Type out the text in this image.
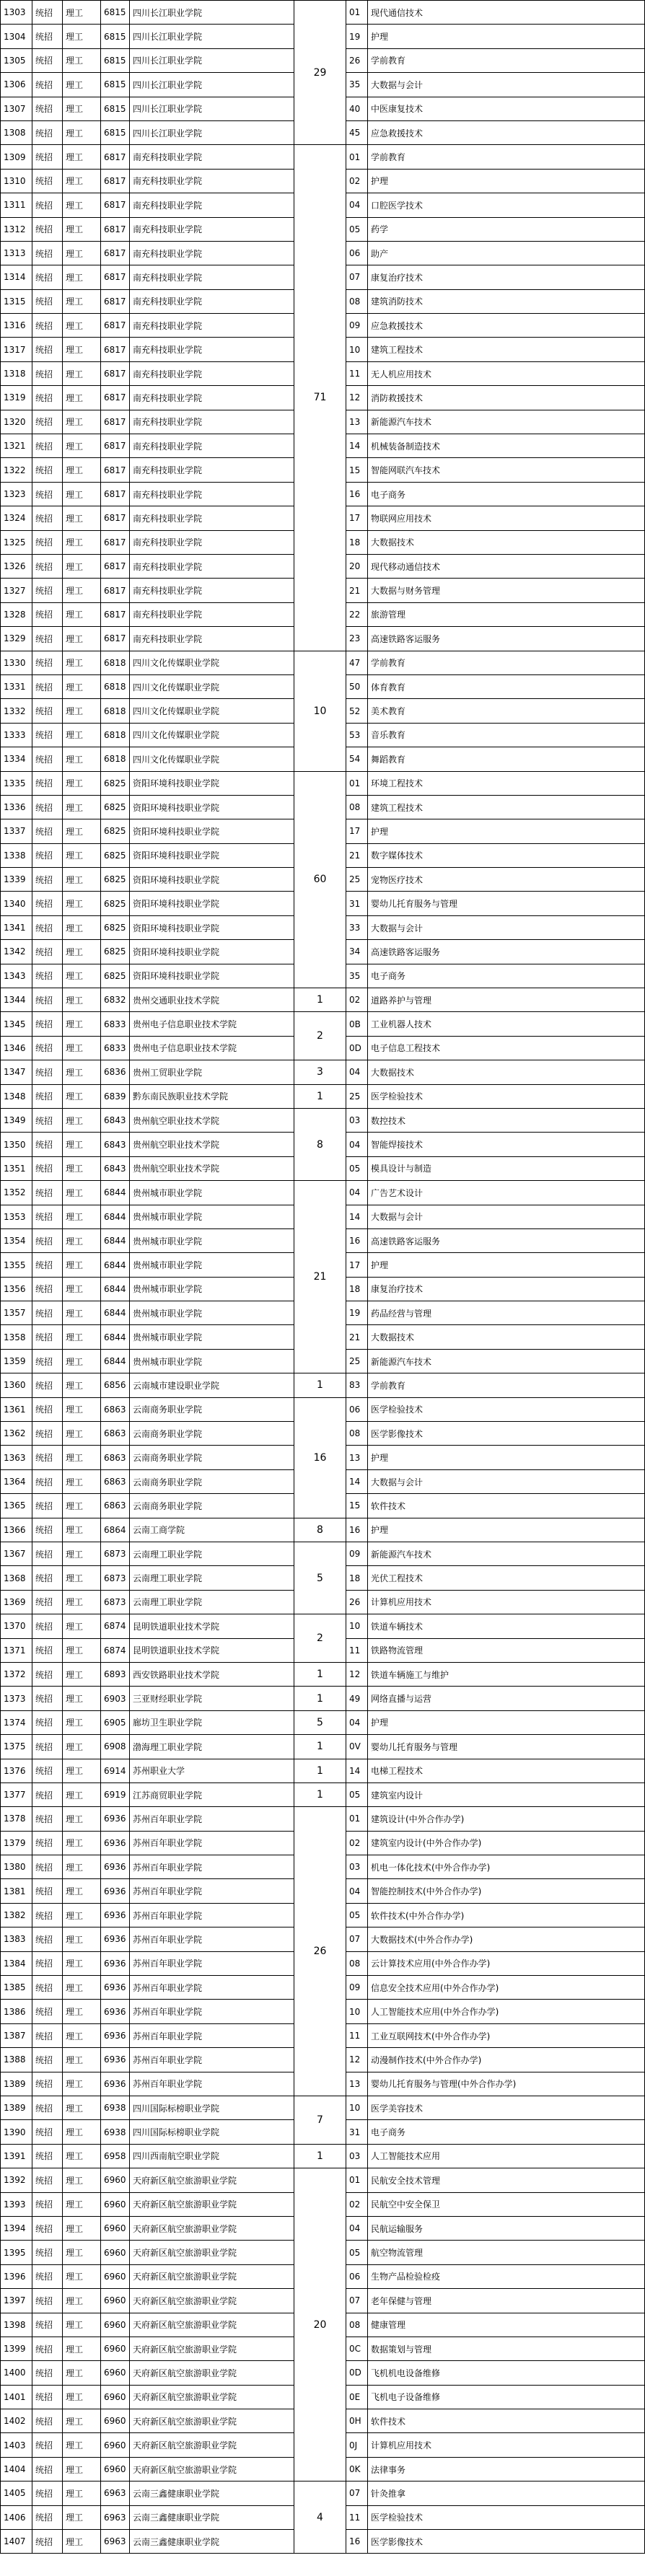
1303	统招	理工	6815	四川长江职业学院	29	01	现代通信技术
1304	统招	理工	6815	四川长江职业学院		19	护理
1305	统招	理工	6815	四川长江职业学院		26	学前教育
1306	统招	理工	6815	四川长江职业学院		35	大数据与会计
1307	统招	理工	6815	四川长江职业学院		40	中医康复技术
1308	统招	理工	6815	四川长江职业学院		45	应急救援技术
1309	统招	理工	6817	南充科技职业学院	71	01	学前教育
1310	统招	理工	6817	南充科技职业学院		02	护理
1311	统招	理工	6817	南充科技职业学院		04	口腔医学技术
1312	统招	理工	6817	南充科技职业学院		05	药学
1313	统招	理工	6817	南充科技职业学院		06	助产
1314	统招	理工	6817	南充科技职业学院		07	康复治疗技术
1315	统招	理工	6817	南充科技职业学院		08	建筑消防技术
1316	统招	理工	6817	南充科技职业学院		09	应急救援技术
1317	统招	理工	6817	南充科技职业学院		10	建筑工程技术
1318	统招	理工	6817	南充科技职业学院		11	无人机应用技术
1319	统招	理工	6817	南充科技职业学院		12	消防救援技术
1320	统招	理工	6817	南充科技职业学院		13	新能源汽车技术
1321	统招	理工	6817	南充科技职业学院		14	机械装备制造技术
1322	统招	理工	6817	南充科技职业学院		15	智能网联汽车技术
1323	统招	理工	6817	南充科技职业学院		16	电子商务
1324	统招	理工	6817	南充科技职业学院		17	物联网应用技术
1325	统招	理工	6817	南充科技职业学院		18	大数据技术
1326	统招	理工	6817	南充科技职业学院		20	现代移动通信技术
1327	统招	理工	6817	南充科技职业学院		21	大数据与财务管理
1328	统招	理工	6817	南充科技职业学院		22	旅游管理
1329	统招	理工	6817	南充科技职业学院		23	高速铁路客运服务
1330	统招	理工	6818	四川文化传媒职业学院	10	47	学前教育
1331	统招	理工	6818	四川文化传媒职业学院		50	体育教育
1332	统招	理工	6818	四川文化传媒职业学院		52	美术教育
1333	统招	理工	6818	四川文化传媒职业学院		53	音乐教育
1334	统招	理工	6818	四川文化传媒职业学院		54	舞蹈教育
1335	统招	理工	6825	资阳环境科技职业学院	60	01	环境工程技术
1336	统招	理工	6825	资阳环境科技职业学院		08	建筑工程技术
1337	统招	理工	6825	资阳环境科技职业学院		17	护理
1338	统招	理工	6825	资阳环境科技职业学院		21	数字媒体技术
1339	统招	理工	6825	资阳环境科技职业学院		25	宠物医疗技术
1340	统招	理工	6825	资阳环境科技职业学院		31	婴幼儿托育服务与管理
1341	统招	理工	6825	资阳环境科技职业学院		33	大数据与会计
1342	统招	理工	6825	资阳环境科技职业学院		34	高速铁路客运服务
1343	统招	理工	6825	资阳环境科技职业学院		35	电子商务
1344	统招	理工	6832	贵州交通职业技术学院	1	02	道路养护与管理
1345	统招	理工	6833	贵州电子信息职业技术学院	2	0B	工业机器人技术
1346	统招	理工	6833	贵州电子信息职业技术学院		0D	电子信息工程技术
1347	统招	理工	6836	贵州工贸职业学院	3	04	大数据技术
1348	统招	理工	6839	黔东南民族职业技术学院	1	25	医学检验技术
1349	统招	理工	6843	贵州航空职业技术学院	8	03	数控技术
1350	统招	理工	6843	贵州航空职业技术学院		04	智能焊接技术
1351	统招	理工	6843	贵州航空职业技术学院		05	模具设计与制造
1352	统招	理工	6844	贵州城市职业学院	21	04	广告艺术设计
1353	统招	理工	6844	贵州城市职业学院		14	大数据与会计
1354	统招	理工	6844	贵州城市职业学院		16	高速铁路客运服务
1355	统招	理工	6844	贵州城市职业学院		17	护理
1356	统招	理工	6844	贵州城市职业学院		18	康复治疗技术
1357	统招	理工	6844	贵州城市职业学院		19	药品经营与管理
1358	统招	理工	6844	贵州城市职业学院		21	大数据技术
1359	统招	理工	6844	贵州城市职业学院		25	新能源汽车技术
1360	统招	理工	6856	云南城市建设职业学院	1	83	学前教育
1361	统招	理工	6863	云南商务职业学院	16	06	医学检验技术
1362	统招	理工	6863	云南商务职业学院		08	医学影像技术
1363	统招	理工	6863	云南商务职业学院		13	护理
1364	统招	理工	6863	云南商务职业学院		14	大数据与会计
1365	统招	理工	6863	云南商务职业学院		15	软件技术
1366	统招	理工	6864	云南工商学院	8	16	护理
1367	统招	理工	6873	云南理工职业学院	5	09	新能源汽车技术
1368	统招	理工	6873	云南理工职业学院		18	光伏工程技术
1369	统招	理工	6873	云南理工职业学院		26	计算机应用技术
1370	统招	理工	6874	昆明铁道职业技术学院	2	10	铁道车辆技术
1371	统招	理工	6874	昆明铁道职业技术学院		11	铁路物流管理
1372	统招	理工	6893	西安铁路职业技术学院	1	12	铁道车辆施工与维护
1373	统招	理工	6903	三亚财经职业学院	1	49	网络直播与运营
1374	统招	理工	6905	廊坊卫生职业学院	5	04	护理
1375	统招	理工	6908	渤海理工职业学院	1	0V	婴幼儿托育服务与管理
1376	统招	理工	6914	苏州职业大学	1	14	电梯工程技术
1377	统招	理工	6919	江苏商贸职业学院	1	05	建筑室内设计
1378	统招	理工	6936	苏州百年职业学院	26	01	建筑设计(中外合作办学)
1379	统招	理工	6936	苏州百年职业学院		02	建筑室内设计(中外合作办学)
1380	统招	理工	6936	苏州百年职业学院		03	机电一体化技术(中外合作办学)
1381	统招	理工	6936	苏州百年职业学院		04	智能控制技术(中外合作办学)
1382	统招	理工	6936	苏州百年职业学院		05	软件技术(中外合作办学)
1383	统招	理工	6936	苏州百年职业学院		07	大数据技术(中外合作办学)
1384	统招	理工	6936	苏州百年职业学院		08	云计算技术应用(中外合作办学)
1385	统招	理工	6936	苏州百年职业学院		09	信息安全技术应用(中外合作办学)
1386	统招	理工	6936	苏州百年职业学院		10	人工智能技术应用(中外合作办学)
1387	统招	理工	6936	苏州百年职业学院		11	工业互联网技术(中外合作办学)
1388	统招	理工	6936	苏州百年职业学院		12	动漫制作技术(中外合作办学)
1389	统招	理工	6936	苏州百年职业学院		13	婴幼儿托育服务与管理(中外合作办学)
1389	统招	理工	6938	四川国际标榜职业学院	7	10	医学美容技术
1390	统招	理工	6938	四川国际标榜职业学院		31	电子商务
1391	统招	理工	6958	四川西南航空职业学院	1	03	人工智能技术应用
1392	统招	理工	6960	天府新区航空旅游职业学院	20	01	民航安全技术管理
1393	统招	理工	6960	天府新区航空旅游职业学院		02	民航空中安全保卫
1394	统招	理工	6960	天府新区航空旅游职业学院		04	民航运输服务
1395	统招	理工	6960	天府新区航空旅游职业学院		05	航空物流管理
1396	统招	理工	6960	天府新区航空旅游职业学院		06	生物产品检验检疫
1397	统招	理工	6960	天府新区航空旅游职业学院		07	老年保健与管理
1398	统招	理工	6960	天府新区航空旅游职业学院		08	健康管理
1399	统招	理工	6960	天府新区航空旅游职业学院		0C	数据策划与管理
1400	统招	理工	6960	天府新区航空旅游职业学院		0D	飞机机电设备维修
1401	统招	理工	6960	天府新区航空旅游职业学院		0E	飞机电子设备维修
1402	统招	理工	6960	天府新区航空旅游职业学院		0H	软件技术
1403	统招	理工	6960	天府新区航空旅游职业学院		0J	计算机应用技术
1404	统招	理工	6960	天府新区航空旅游职业学院		0K	法律事务
1405	统招	理工	6963	云南三鑫健康职业学院	4	07	针灸推拿
1406	统招	理工	6963	云南三鑫健康职业学院		11	医学检验技术
1407	统招	理工	6963	云南三鑫健康职业学院		16	医学影像技术
